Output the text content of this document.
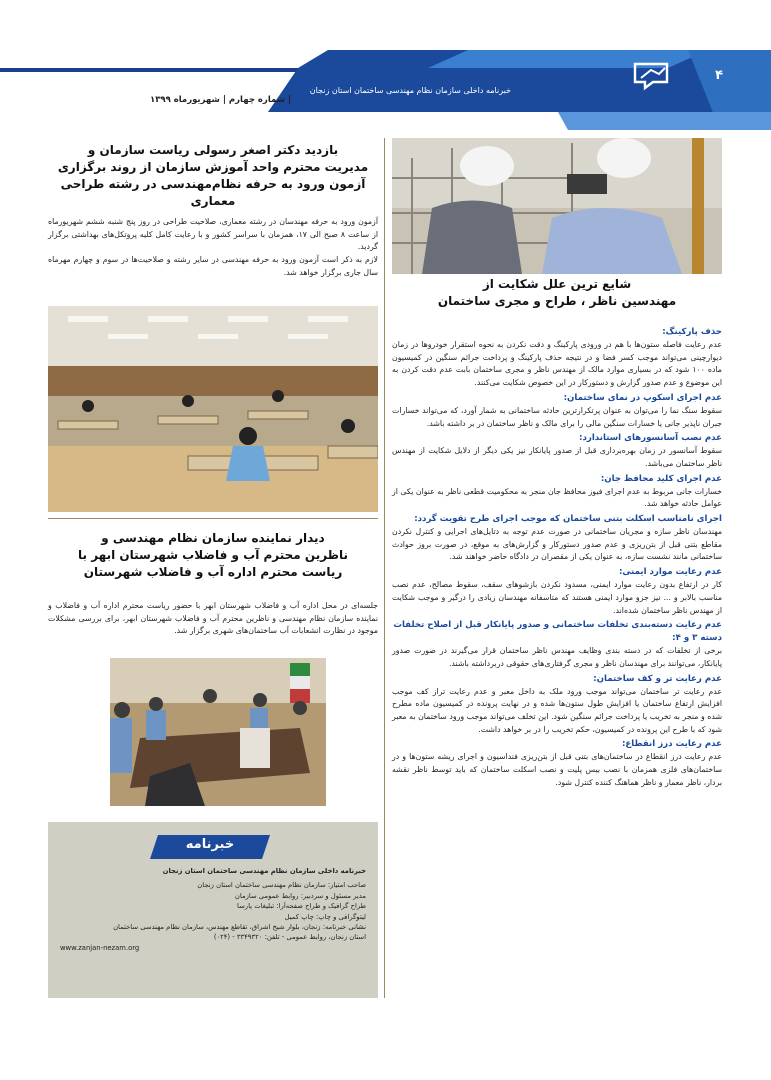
۴
خبرنامه داخلی سازمان نظام مهندسی ساختمان استان زنجان
| شماره چهارم | شهریورماه ۱۳۹۹
شایع ترین علل شکایت از
مهندسین ناظر ، طراح و مجری ساختمان
حذف پارکینگ:
عدم رعایت فاصله ستون‌ها با هم در ورودی پارکینگ و دقت نکردن به نحوه استقرار خودروها در زمان دیوارچینی می‌تواند موجب کسر فضا و در نتیجه حذف پارکینگ و پرداخت جرائم سنگین در کمیسیون ماده ۱۰۰ شود که در بسیاری موارد مالک از مهندس ناظر و مجری ساختمان بابت عدم دقت کردن به این موضوع و عدم صدور گزارش و دستورکار در این خصوص شکایت می‌کنند.
عدم اجرای اسکوپ در نمای ساختمان:
سقوط سنگ نما را می‌توان به عنوان پرتکرارترین حادثه ساختمانی به شمار آورد، که می‌تواند خسارات جبران ناپذیر جانی یا خسارات سنگین مالی را برای مالک و ناظر ساختمان در بر داشته باشد.
عدم نصب آسانسورهای استاندارد:
سقوط آسانسور در زمان بهره‌برداری قبل از صدور پایانکار نیز یکی دیگر از دلایل شکایت از مهندس ناظر ساختمان می‌باشد.
عدم اجرای کلید محافظ جان:
خسارات جانی مربوط به عدم اجرای فیوز محافظ جان منجر به محکومیت قطعی ناظر به عنوان یکی از عوامل حادثه خواهد شد.
اجرای نامناسب اسکلت بتنی ساختمان که موجب اجرای طرح تقویت گردد:
مهندسان ناظر سازه و مجریان ساختمانی در صورت عدم توجه به دتایل‌های اجرایی و کنترل نکردن مقاطع بتنی قبل از بتن‌ریزی و عدم صدور دستورکار و گزارش‌های به موقع، در صورت بروز حوادث ساختمانی مانند نشست سازه، به عنوان یکی از مقصران در دادگاه حاضر خواهند شد.
عدم رعایت موارد ایمنی:
کار در ارتفاع بدون رعایت موارد ایمنی، مسدود نکردن بازشوهای سقف، سقوط مصالح، عدم نصب مناسب بالابر و ... نیز جزو موارد ایمنی هستند که متاسفانه مهندسان زیادی را درگیر و موجب شکایت از مهندس ناظر ساختمان شده‌اند.
عدم رعایت دسته‌بندی تخلفات ساختمانی و صدور پایانکار قبل از اصلاح تخلفات دسته ۳ و ۴:
برخی از تخلفات که در دسته بندی وظایف مهندس ناظر ساختمان قرار می‌گیرند در صورت صدور پایانکار، می‌توانند برای مهندسان ناظر و مجری گرفتاری‌های حقوقی دربرداشته باشند.
عدم رعایت تر و کف ساختمان:
عدم رعایت تر ساختمان می‌تواند موجب ورود ملک به داخل معبر و عدم رعایت تراز کف موجب افزایش ارتفاع ساختمان یا افزایش طول ستون‌ها شده و در نهایت پرونده در کمیسیون ماده مطرح شده و منجر به تخریب یا پرداخت جرائم سنگین شود. این تخلف می‌تواند موجب ورود ساختمان به معبر شود که با طرح این پرونده در کمیسیون، حکم تخریب را در بر خواهد داشت.
عدم رعایت درز انقطاع:
عدم رعایت درز انقطاع در ساختمان‌های بتنی قبل از بتن‌ریزی فنداسیون و اجرای ریشه ستون‌ها و در ساختمان‌های فلزی همزمان با نصب بیس پلیت و نصب اسکلت ساختمان که باید توسط ناظر نقشه بردار، ناظر معمار و ناظر هماهنگ کننده کنترل شود.
بازدید دکتر اصغر رسولی ریاست سازمان و
مدیریت محترم واحد آموزش سازمان از روند برگزاری
آزمون ورود به حرفه نظام‌مهندسی در رشته طراحی معماری
آزمون ورود به حرفه مهندسان در رشته معماری، صلاحیت طراحی در روز پنج شنبه ششم شهریورماه از ساعت ۸ صبح الی ۱۷، همزمان با سراسر کشور و با رعایت کامل کلیه پروتکل‌های بهداشتی برگزار گردید.
لازم به ذکر است آزمون ورود به حرفه مهندسی در سایر رشته و صلاحیت‌ها در سوم و چهارم مهرماه سال جاری برگزار خواهد شد.
دیدار نماینده سازمان نظام مهندسی و
ناظرین محترم آب و فاضلاب شهرستان ابهر با
ریاست محترم اداره آب و فاضلاب شهرستان
جلسه‌ای در محل اداره آب و فاضلاب شهرستان ابهر با حضور ریاست محترم اداره آب و فاضلاب و نماینده سازمان نظام مهندسی و ناظرین محترم آب و فاضلاب شهرستان ابهر، برای بررسی مشکلات موجود در نظارت انشعابات آب ساختمان‌های شهری برگزار شد.
خبرنامه
خبرنامه داخلی سازمان نظام مهندسی ساختمان استان زنجان
صاحب امتیاز: سازمان نظام مهندسی ساختمان استان زنجان
مدیر مسئول و سردبیر: روابط عمومی سازمان
طراح گرافیک و طراح صفحه‌آرا: تبلیغات پارسا
لیتوگرافی و چاپ: چاپ کمیل
نشانی خبرنامه: زنجان، بلوار شیخ اشراق، تقاطع مهندس، سازمان نظام مهندسی ساختمان
استان زنجان، روابط عمومی - تلفن: ۳۳۴۹۳۲۰ - (۰۲۴)
www.zanjan-nezam.org
